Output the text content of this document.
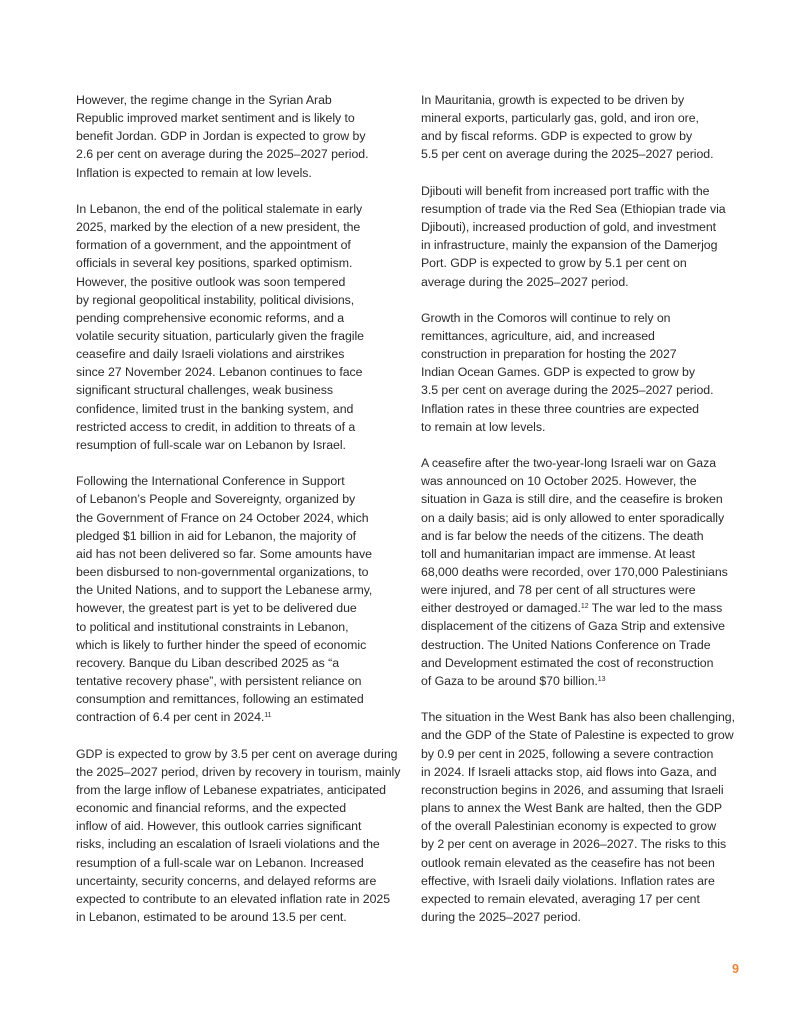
However, the regime change in the Syrian Arab
Republic improved market sentiment and is likely to
benefit Jordan. GDP in Jordan is expected to grow by
2.6 per cent on average during the 2025–2027 period.
Inflation is expected to remain at low levels.

In Lebanon, the end of the political stalemate in early
2025, marked by the election of a new president, the
formation of a government, and the appointment of
officials in several key positions, sparked optimism.
However, the positive outlook was soon tempered
by regional geopolitical instability, political divisions,
pending comprehensive economic reforms, and a
volatile security situation, particularly given the fragile
ceasefire and daily Israeli violations and airstrikes
since 27 November 2024. Lebanon continues to face
significant structural challenges, weak business
confidence, limited trust in the banking system, and
restricted access to credit, in addition to threats of a
resumption of full-scale war on Lebanon by Israel.

Following the International Conference in Support
of Lebanon’s People and Sovereignty, organized by
the Government of France on 24 October 2024, which
pledged $1 billion in aid for Lebanon, the majority of
aid has not been delivered so far. Some amounts have
been disbursed to non-governmental organizations, to
the United Nations, and to support the Lebanese army,
however, the greatest part is yet to be delivered due
to political and institutional constraints in Lebanon,
which is likely to further hinder the speed of economic
recovery. Banque du Liban described 2025 as “a
tentative recovery phase”, with persistent reliance on
consumption and remittances, following an estimated
contraction of 6.4 per cent in 2024.11

GDP is expected to grow by 3.5 per cent on average during
the 2025–2027 period, driven by recovery in tourism, mainly
from the large inflow of Lebanese expatriates, anticipated
economic and financial reforms, and the expected
inflow of aid. However, this outlook carries significant
risks, including an escalation of Israeli violations and the
resumption of a full-scale war on Lebanon. Increased
uncertainty, security concerns, and delayed reforms are
expected to contribute to an elevated inflation rate in 2025
in Lebanon, estimated to be around 13.5 per cent.

In Mauritania, growth is expected to be driven by
mineral exports, particularly gas, gold, and iron ore,
and by fiscal reforms. GDP is expected to grow by
5.5 per cent on average during the 2025–2027 period.

Djibouti will benefit from increased port traffic with the
resumption of trade via the Red Sea (Ethiopian trade via
Djibouti), increased production of gold, and investment
in infrastructure, mainly the expansion of the Damerjog
Port. GDP is expected to grow by 5.1 per cent on
average during the 2025–2027 period.

Growth in the Comoros will continue to rely on
remittances, agriculture, aid, and increased
construction in preparation for hosting the 2027
Indian Ocean Games. GDP is expected to grow by
3.5 per cent on average during the 2025–2027 period.
Inflation rates in these three countries are expected
to remain at low levels.

A ceasefire after the two-year-long Israeli war on Gaza
was announced on 10 October 2025. However, the
situation in Gaza is still dire, and the ceasefire is broken
on a daily basis; aid is only allowed to enter sporadically
and is far below the needs of the citizens. The death
toll and humanitarian impact are immense. At least
68,000 deaths were recorded, over 170,000 Palestinians
were injured, and 78 per cent of all structures were
either destroyed or damaged.$^{12}$ The war led to the mass
displacement of the citizens of Gaza Strip and extensive
destruction. The United Nations Conference on Trade
and Development estimated the cost of reconstruction
of Gaza to be around $70 billion.$^{13}$

The situation in the West Bank has also been challenging,
and the GDP of the State of Palestine is expected to grow
by 0.9 per cent in 2025, following a severe contraction
in 2024. If Israeli attacks stop, aid flows into Gaza, and
reconstruction begins in 2026, and assuming that Israeli
plans to annex the West Bank are halted, then the GDP
of the overall Palestinian economy is expected to grow
by 2 per cent on average in 2026–2027. The risks to this
outlook remain elevated as the ceasefire has not been
effective, with Israeli daily violations. Inflation rates are
expected to remain elevated, averaging 17 per cent
during the 2025–2027 period.

9
